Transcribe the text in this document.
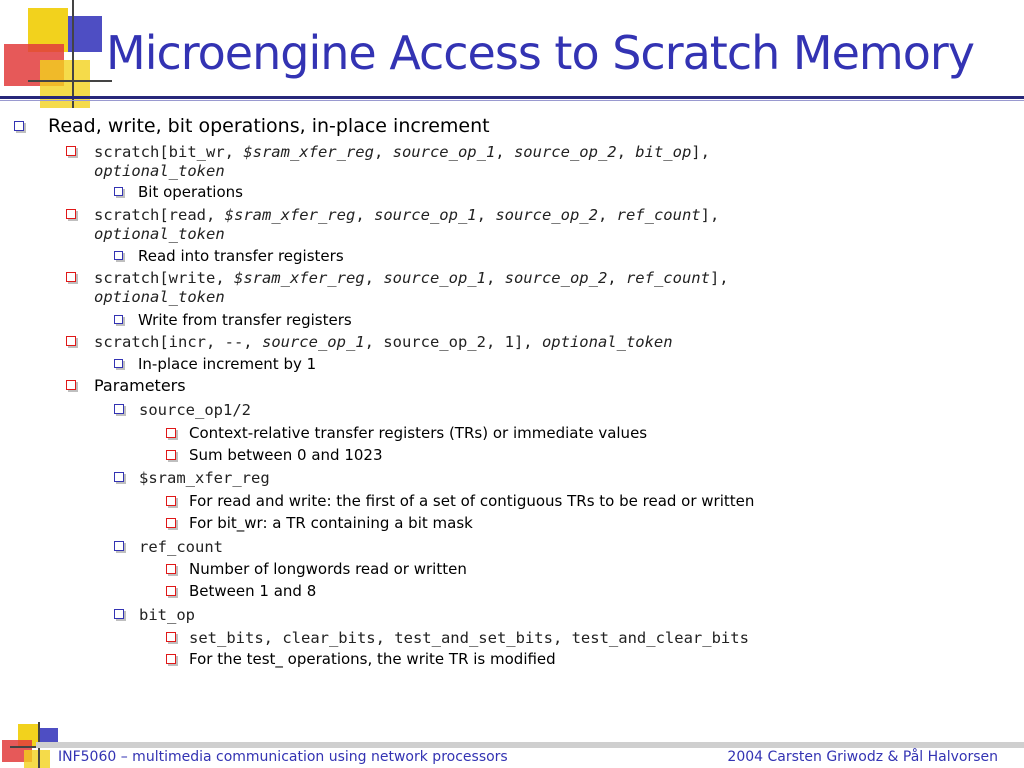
Microengine Access to Scratch Memory
Read, write, bit operations, in-place increment
scratch[bit_wr, $sram_xfer_reg, source_op_1, source_op_2, bit_op],
optional_token
Bit operations
scratch[read, $sram_xfer_reg, source_op_1, source_op_2, ref_count],
optional_token
Read into transfer registers
scratch[write, $sram_xfer_reg, source_op_1, source_op_2, ref_count],
optional_token
Write from transfer registers
scratch[incr, --, source_op_1, source_op_2, 1], optional_token
In-place increment by 1
Parameters
source_op1/2
Context-relative transfer registers (TRs) or immediate values
Sum between 0 and 1023
$sram_xfer_reg
For read and write: the first of a set of contiguous TRs to be read or written
For bit_wr: a TR containing a bit mask
ref_count
Number of longwords read or written
Between 1 and 8
bit_op
set_bits, clear_bits, test_and_set_bits, test_and_clear_bits
For the test_ operations, the write TR is modified
INF5060 – multimedia communication using network processors	2004 Carsten Griwodz & Pål Halvorsen
